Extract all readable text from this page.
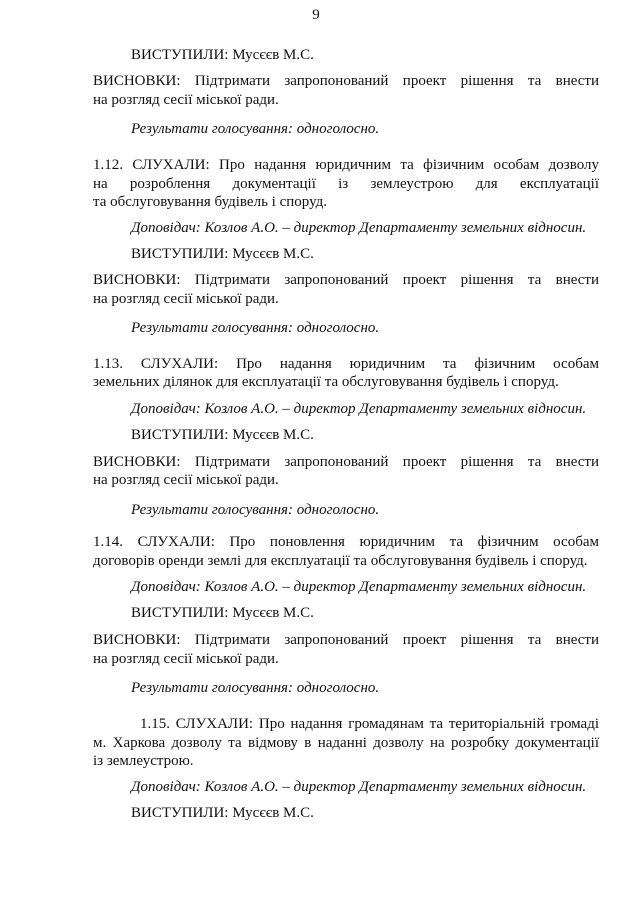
9

ВИСТУПИЛИ: Мусєєв М.С.

ВИСНОВКИ: Підтримати запропонований проект рішення та внести

на розгляд сесії міської ради.

Результати голосування: одноголосно.

1.12. СЛУХАЛИ: Про надання юридичним та фізичним особам дозволу

на розроблення документації із землеустрою для експлуатації

та обслуговування будівель і споруд.

Доповідач: Козлов А.О. – директор Департаменту земельних відносин.

ВИСТУПИЛИ: Мусєєв М.С.

ВИСНОВКИ: Підтримати запропонований проект рішення та внести

на розгляд сесії міської ради.

Результати голосування: одноголосно.

1.13. СЛУХАЛИ: Про надання юридичним та фізичним особам

земельних ділянок для експлуатації та обслуговування будівель і споруд.

Доповідач: Козлов А.О. – директор Департаменту земельних відносин.

ВИСТУПИЛИ: Мусєєв М.С.

ВИСНОВКИ: Підтримати запропонований проект рішення та внести

на розгляд сесії міської ради.

Результати голосування: одноголосно.

1.14. СЛУХАЛИ: Про поновлення юридичним та фізичним особам

договорів оренди землі для експлуатації та обслуговування будівель і споруд.

Доповідач: Козлов А.О. – директор Департаменту земельних відносин.

ВИСТУПИЛИ: Мусєєв М.С.

ВИСНОВКИ: Підтримати запропонований проект рішення та внести

на розгляд сесії міської ради.

Результати голосування: одноголосно.

1.15. СЛУХАЛИ: Про надання громадянам та територіальній громаді

м. Харкова дозволу та відмову в наданні дозволу на розробку документації

із землеустрою.

Доповідач: Козлов А.О. – директор Департаменту земельних відносин.

ВИСТУПИЛИ: Мусєєв М.С.
